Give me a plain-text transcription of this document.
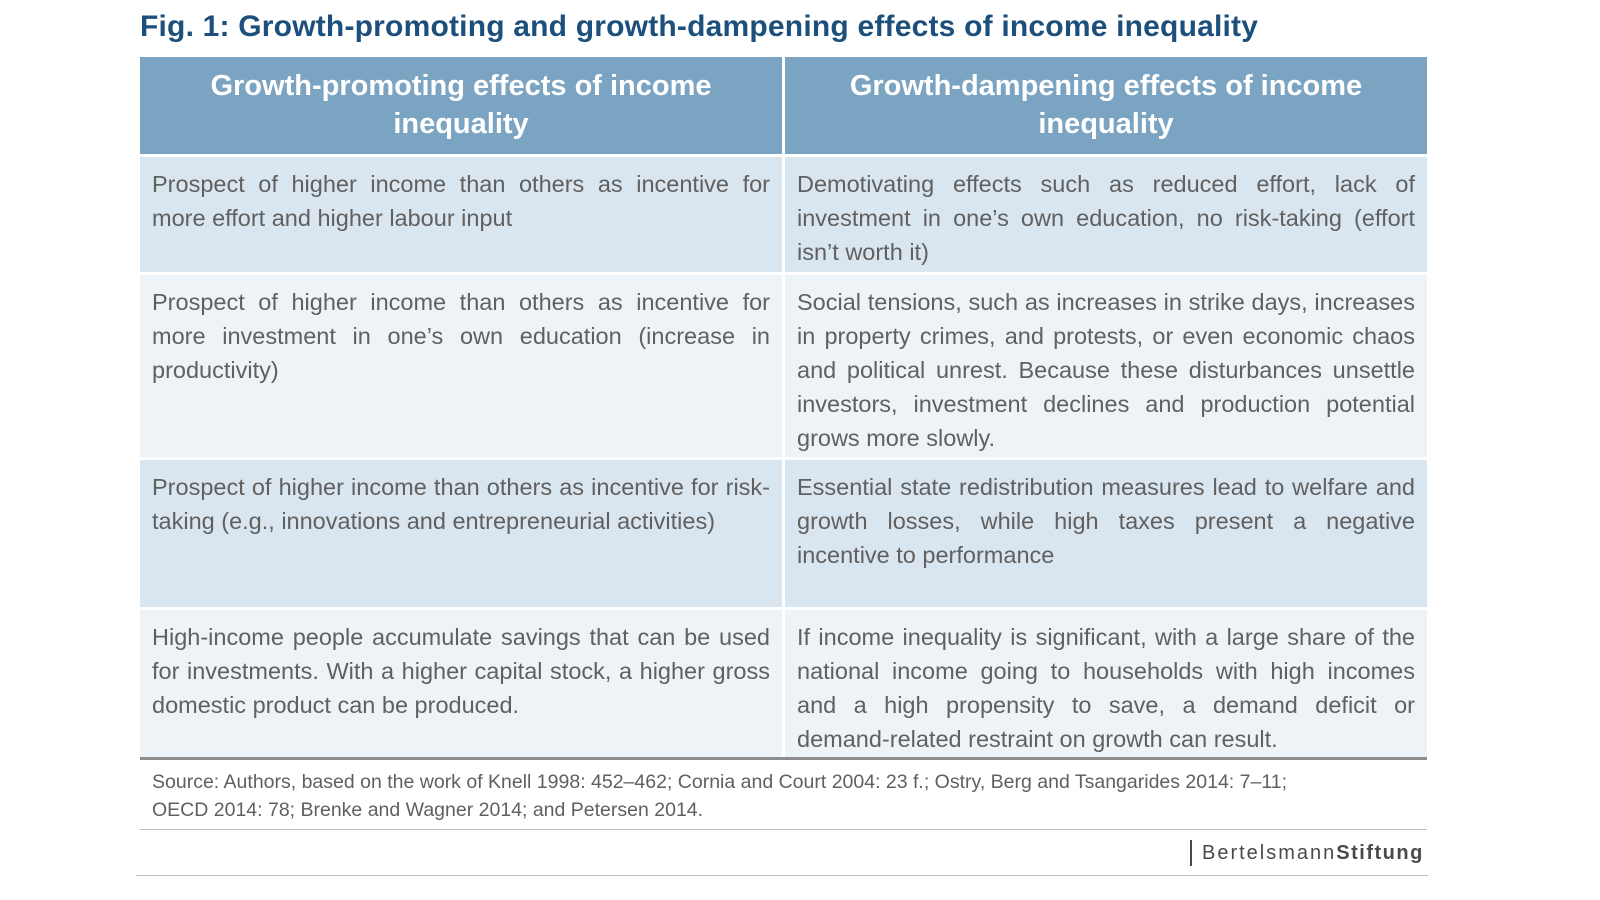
Fig. 1: Growth-promoting and growth-dampening effects of income inequality
Growth-promoting effects of income inequality
Growth-dampening effects of income inequality
Prospect of higher income than others as incentive for more effort and higher labour input
Demotivating effects such as reduced effort, lack of investment in one’s own education, no risk-taking (effort isn’t worth it)
Prospect of higher income than others as incentive for more investment in one’s own education (increase in productivity)
Social tensions, such as increases in strike days, increases in property crimes, and protests, or even economic chaos and political unrest. Because these disturbances unsettle investors, investment declines and production potential grows more slowly.
Prospect of higher income than others as incentive for risk-taking (e.g., innovations and entrepreneurial activities)
Essential state redistribution measures lead to welfare and growth losses, while high taxes present a negative incentive to performance
High-income people accumulate savings that can be used for investments. With a higher capital stock, a higher gross domestic product can be produced.
If income inequality is significant, with a large share of the national income going to households with high incomes and a high propensity to save, a demand deficit or demand-related restraint on growth can result.
Source: Authors, based on the work of Knell 1998: 452–462; Cornia and Court 2004: 23 f.; Ostry, Berg and Tsangarides 2014: 7–11;
OECD 2014: 78; Brenke and Wagner 2014; and Petersen 2014.
Bertelsmann Stiftung
